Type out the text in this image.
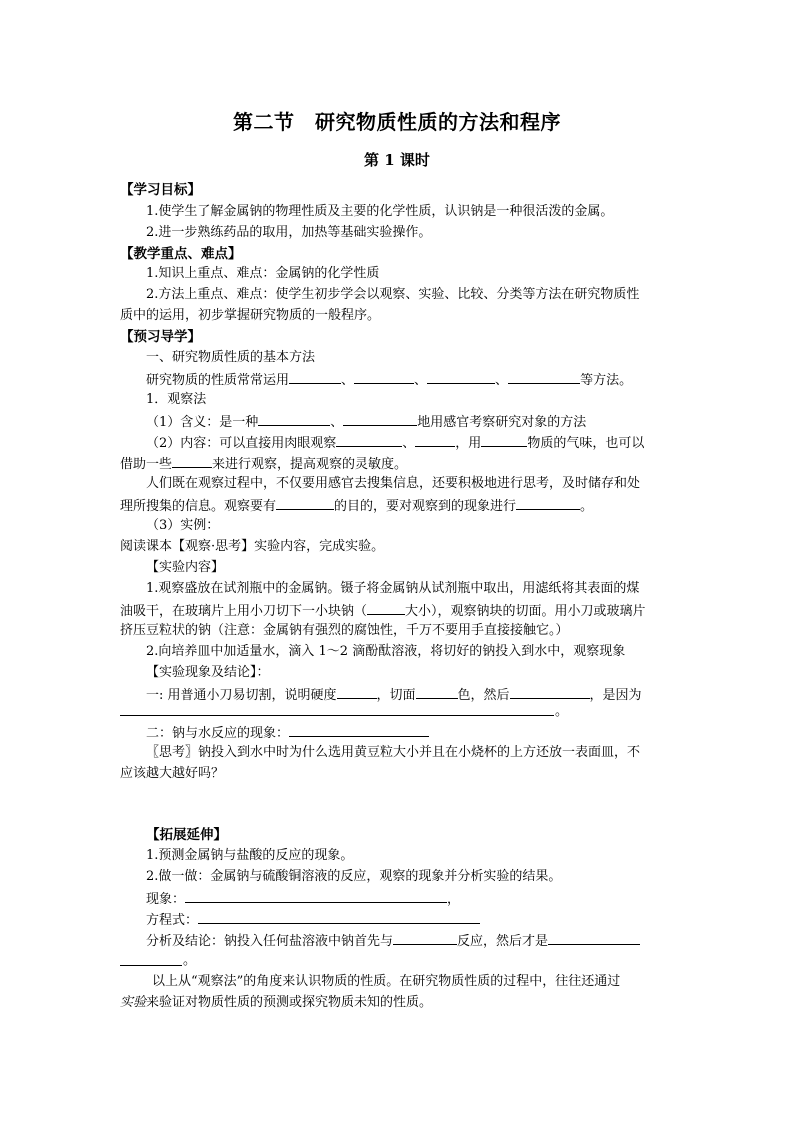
第二节　研究物质性质的方法和程序
第 1 课时
【学习目标】
1.使学生了解金属钠的物理性质及主要的化学性质，认识钠是一种很活泼的金属。
2.进一步熟练药品的取用，加热等基础实验操作。
【教学重点、难点】
1.知识上重点、难点：金属钠的化学性质
2.方法上重点、难点：使学生初步学会以观察、实验、比较、分类等方法在研究物质性
质中的运用，初步掌握研究物质的一般程序。
【预习导学】
一、研究物质性质的基本方法
研究物质的性质常常运用	、	、	、	等方法。
1．观察法
（1）含义：是一种	、	地用感官考察研究对象的方法
（2）内容：可以直接用肉眼观察	、	，用	物质的气味，也可以
借助一些	来进行观察，提高观察的灵敏度。
人们既在观察过程中，不仅要用感官去搜集信息，还要积极地进行思考，及时储存和处
理所搜集的信息。观察要有	的目的，要对观察到的现象进行	。
（3）实例：
阅读课本【观察·思考】实验内容，完成实验。
【实验内容】
1.观察盛放在试剂瓶中的金属钠。镊子将金属钠从试剂瓶中取出，用滤纸将其表面的煤
油吸干，在玻璃片上用小刀切下一小块钠（	大小），观察钠块的切面。用小刀或玻璃片
挤压豆粒状的钠（注意：金属钠有强烈的腐蚀性，千万不要用手直接接触它。）
2.向培养皿中加适量水，滴入 1～2 滴酚酞溶液，将切好的钠投入到水中，观察现象
【实验现象及结论】：
一: 用普通小刀易切割，说明硬度	，切面	色，然后	，是因为
。
二：钠与水反应的现象：
〖思考〗钠投入到水中时为什么选用黄豆粒大小并且在小烧杯的上方还放一表面皿，不
应该越大越好吗？
【拓展延伸】
1.预测金属钠与盐酸的反应的现象。
2.做一做：金属钠与硫酸铜溶液的反应，观察的现象并分析实验的结果。
现象：	，
方程式：
分析及结论：钠投入任何盐溶液中钠首先与	反应，然后才是
。
以上从“观察法”的角度来认识物质的性质。在研究物质性质的过程中，往往还通过
实验来验证对物质性质的预测或探究物质未知的性质。
